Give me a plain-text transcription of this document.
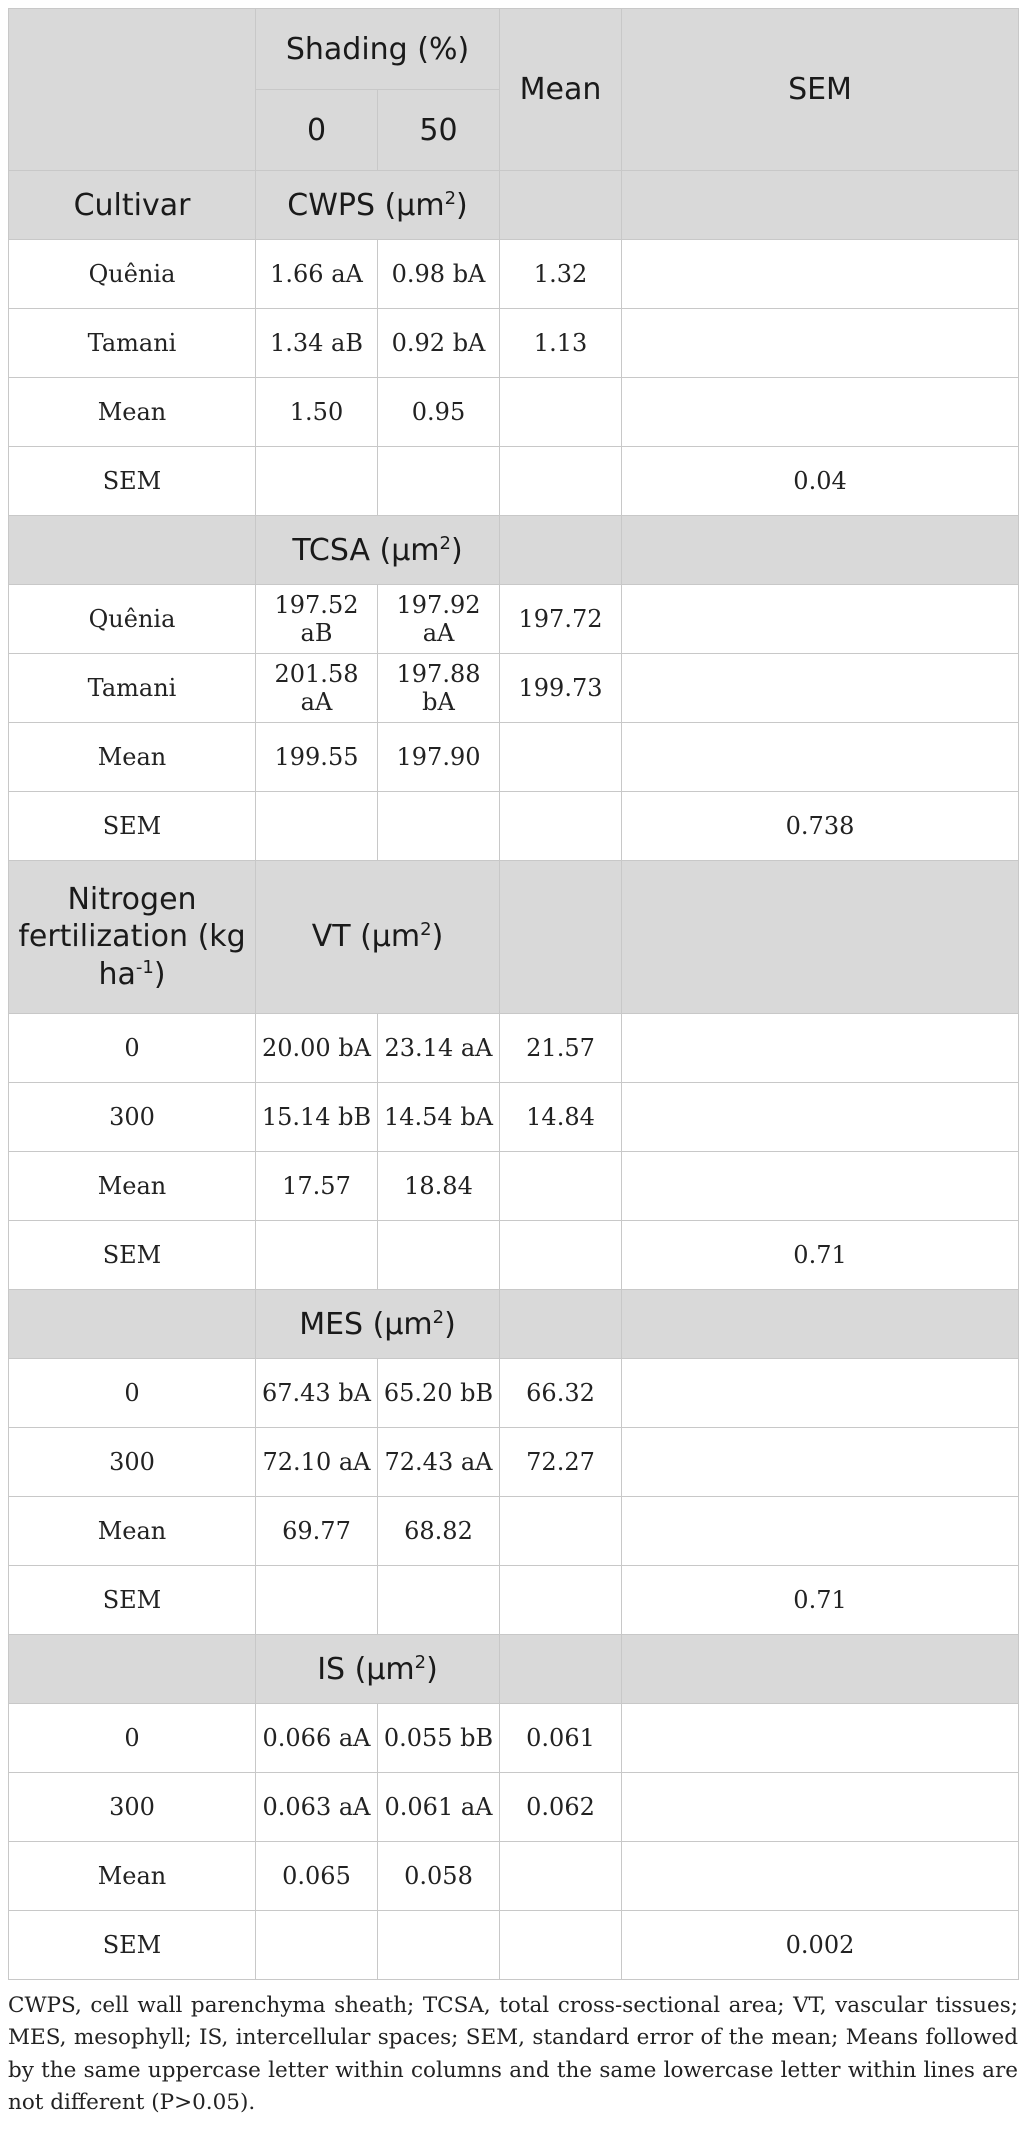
	Shading (%)		Mean	SEM
	0	50		
Cultivar	CWPS $(\mu m^2)$			
Quênia	1.66 aA	0.98 bA	1.32	
Tamani	1.34 aB	0.92 bA	1.13	
Mean	1.50	0.95		
SEM				0.04
	TCSA $(\mu m^2)$			
Quênia	197.52 aB	197.92 aA	197.72	
Tamani	201.58 aA	197.88 bA	199.73	
Mean	199.55	197.90		
SEM				0.738
Nitrogen fertilization (kg $ha^{-1}$)	VT $(\mu m^2)$			
0	20.00 bA	23.14 aA	21.57	
300	15.14 bB	14.54 bA	14.84	
Mean	17.57	18.84		
SEM				0.71
	MES $(\mu m^2)$			
0	67.43 bA	65.20 bB	66.32	
300	72.10 aA	72.43 aA	72.27	
Mean	69.77	68.82		
SEM				0.71
	IS $(\mu m^2)$			
0	0.066 aA	0.055 bB	0.061	
300	0.063 aA	0.061 aA	0.062	
Mean	0.065	0.058		
SEM				0.002
CWPS, cell wall parenchyma sheath; TCSA, total cross-sectional area; VT, vascular tissues; MES, mesophyll; IS, intercellular spaces; SEM, standard error of the mean; Means followed by the same uppercase letter within columns and the same lowercase letter within lines are not different (P>0.05).
